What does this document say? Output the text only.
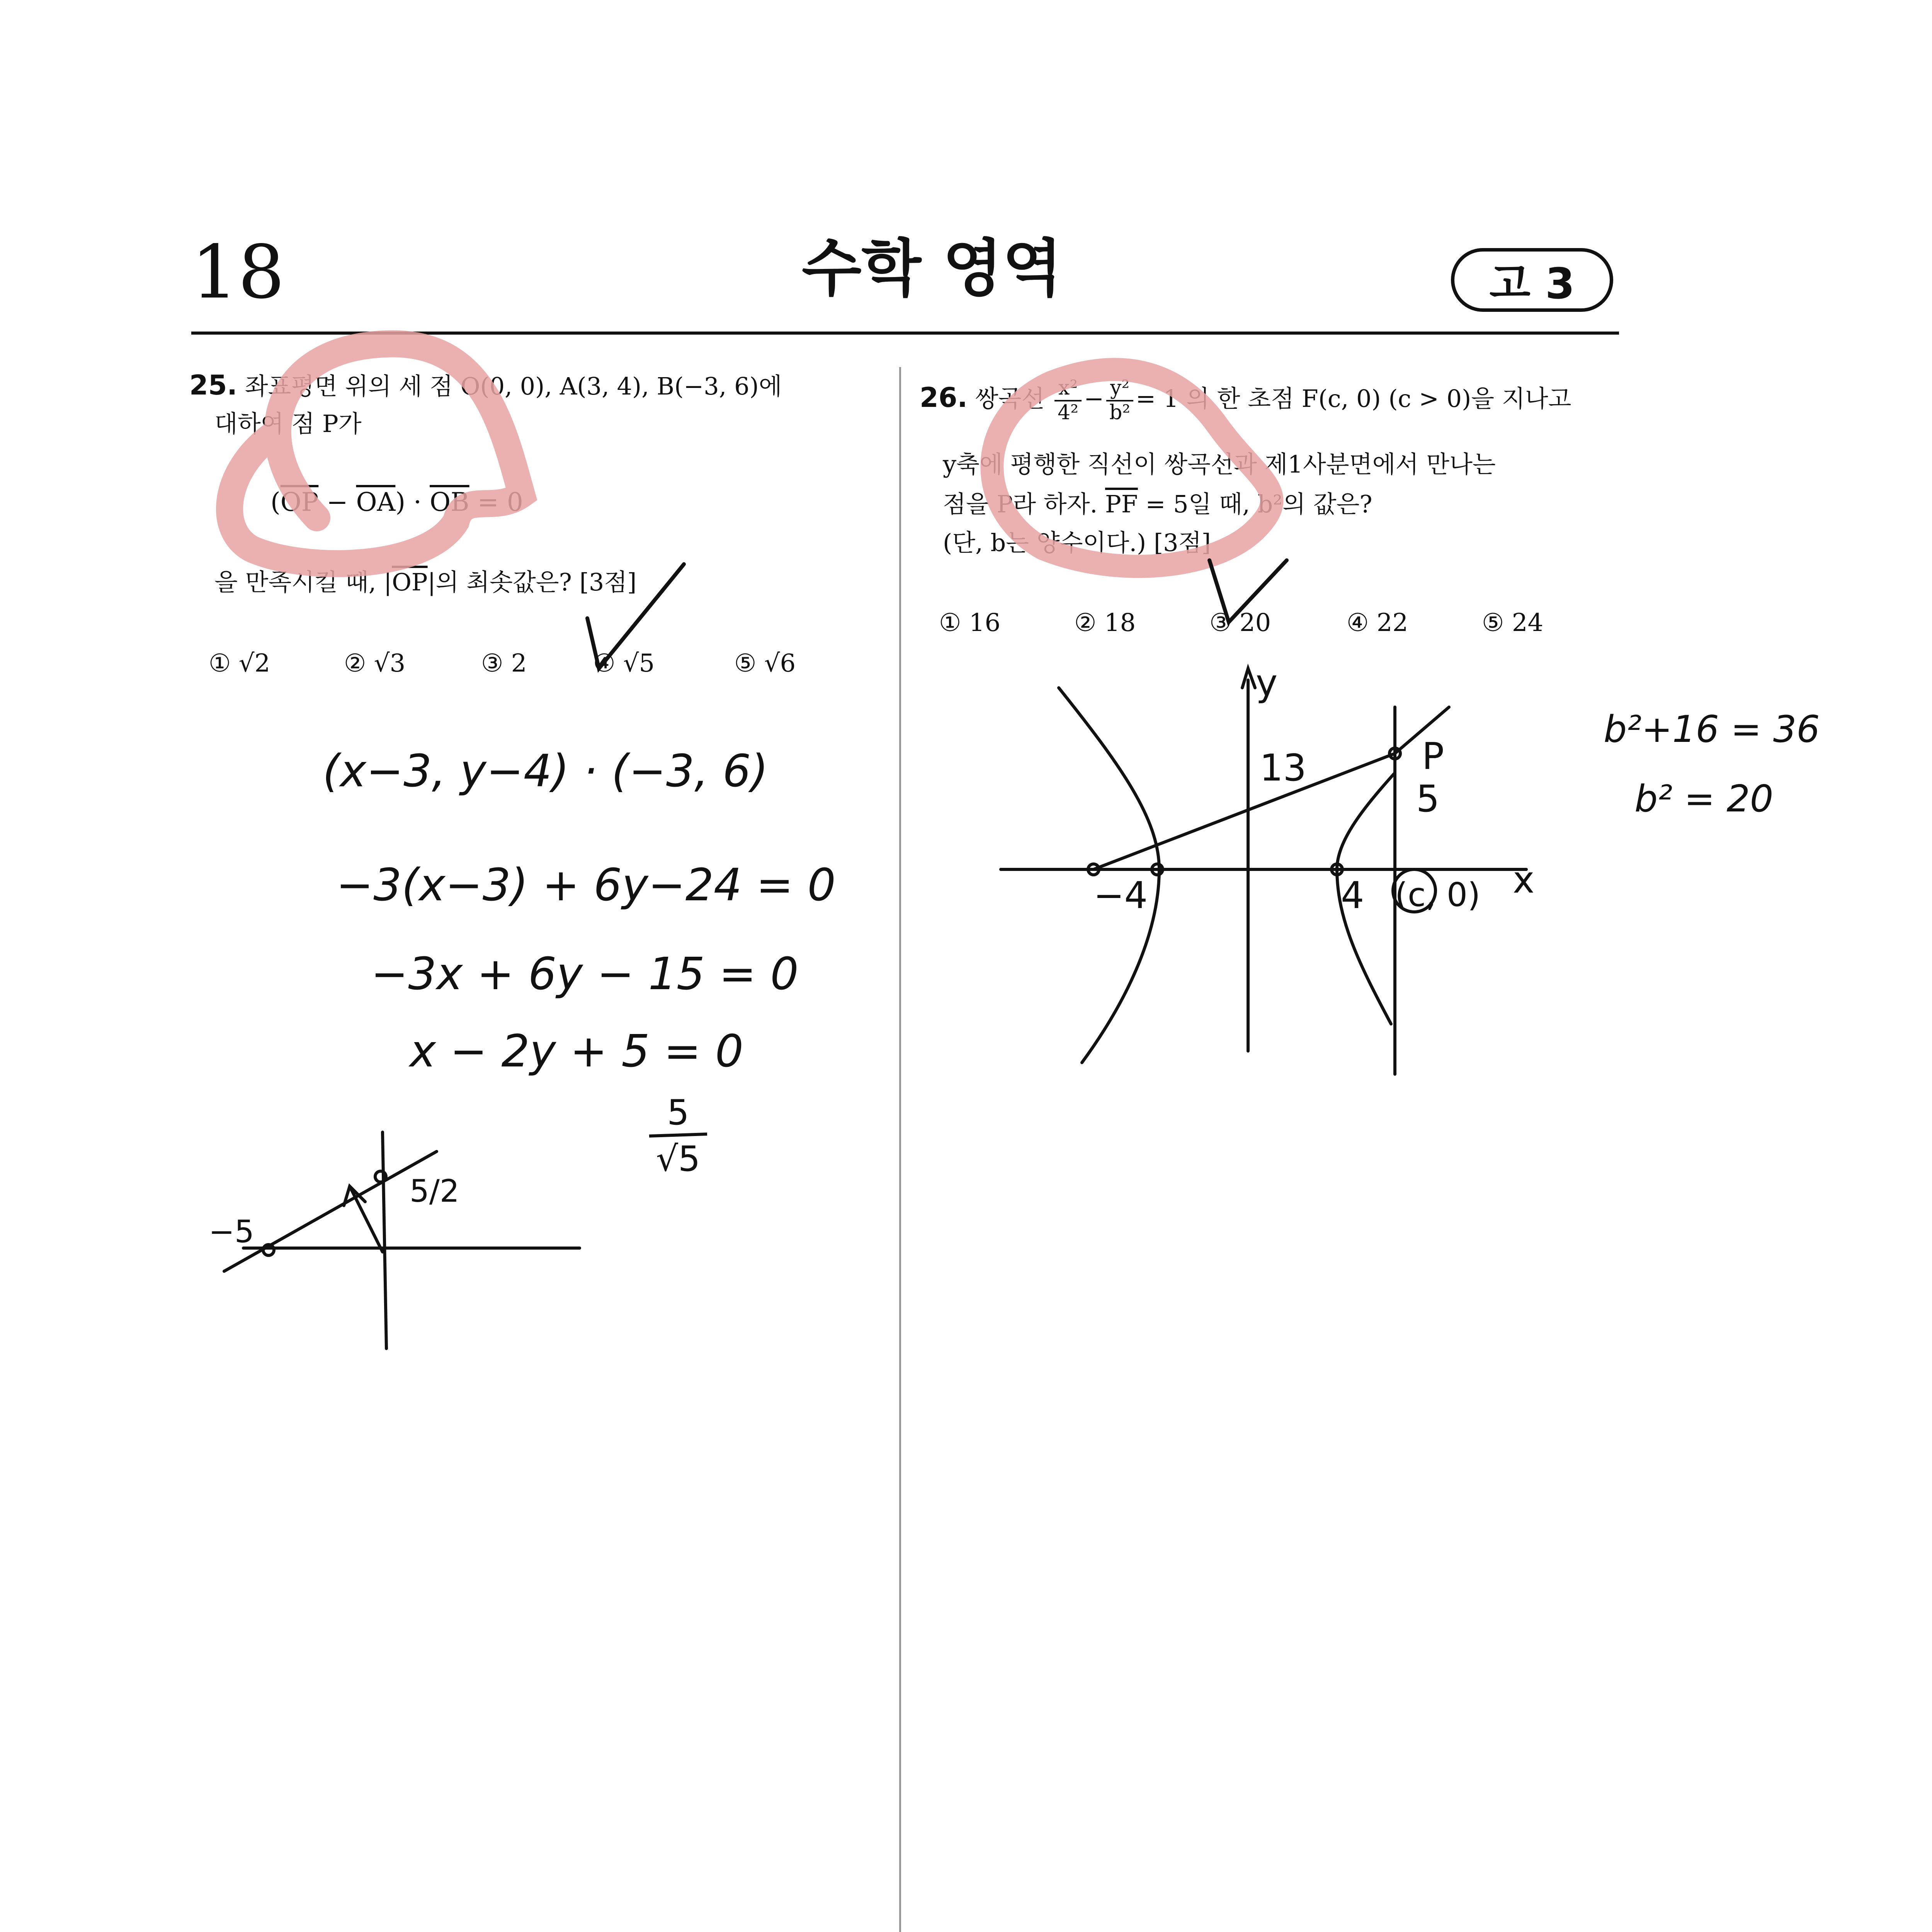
18	수학 영역	고 3
25. 좌표평면 위의 세 점 O(0, 0), A(3, 4), B(−3, 6)에
대하여 점 P가
$(\overline{OP} - \overline{OA}) \cdot \overline{OB} = 0$
을 만족시킬 때, $|\overline{OP}|$의 최솟값은? [3점]
① √2	② √3	③ 2	④ √5	⑤ √6
26. 쌍곡선 $\frac{\text{x²}}{\text{4²}} - \frac{\text{y²}}{\text{b²}} = 1$ 의 한 초점 F(c, 0) (c > 0)을 지나고
y축에 평행한 직선이 쌍곡선과 제1사분면에서 만나는
점을 P라 하자. $\overline{PF} = 5$일 때, b²의 값은?
(단, b는 양수이다.) [3점]
① 16	② 18	③ 20	④ 22	⑤ 24
(x−3, y−4) · (−3, 6)
−3(x−3) + 6y−24 = 0
−3x + 6y − 15 = 0
x − 2y + 5 = 0
5
√5
−5
5/2
y
x
13	P
5
−4	4 (c, 0)
b²+16 = 36
b² = 20
